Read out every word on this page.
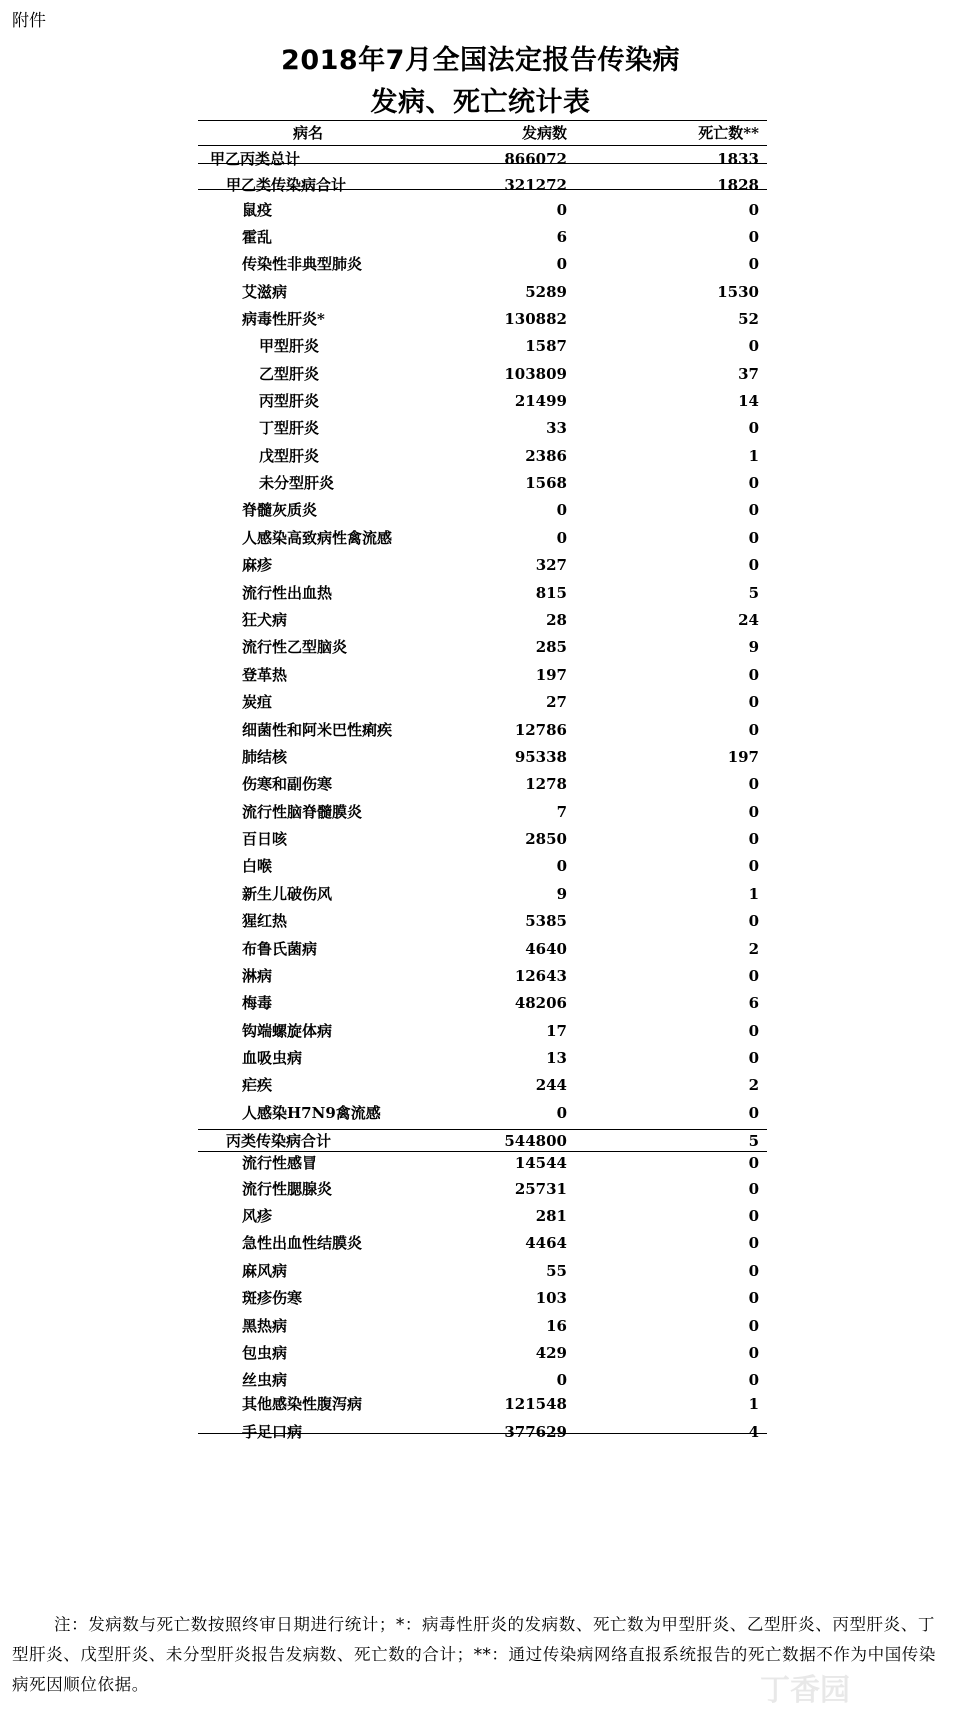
附件
2018年7月全国法定报告传染病
发病、死亡统计表
病名	发病数	死亡数**
甲乙丙类总计	866072	1833
甲乙类传染病合计	321272	1828
鼠疫	0	0
霍乱	6	0
传染性非典型肺炎	0	0
艾滋病	5289	1530
病毒性肝炎*	130882	52
甲型肝炎	1587	0
乙型肝炎	103809	37
丙型肝炎	21499	14
丁型肝炎	33	0
戊型肝炎	2386	1
未分型肝炎	1568	0
脊髓灰质炎	0	0
人感染高致病性禽流感	0	0
麻疹	327	0
流行性出血热	815	5
狂犬病	28	24
流行性乙型脑炎	285	9
登革热	197	0
炭疽	27	0
细菌性和阿米巴性痢疾	12786	0
肺结核	95338	197
伤寒和副伤寒	1278	0
流行性脑脊髓膜炎	7	0
百日咳	2850	0
白喉	0	0
新生儿破伤风	9	1
猩红热	5385	0
布鲁氏菌病	4640	2
淋病	12643	0
梅毒	48206	6
钩端螺旋体病	17	0
血吸虫病	13	0
疟疾	244	2
人感染H7N9禽流感	0	0
丙类传染病合计	544800	5
流行性感冒	14544	0
流行性腮腺炎	25731	0
风疹	281	0
急性出血性结膜炎	4464	0
麻风病	55	0
斑疹伤寒	103	0
黑热病	16	0
包虫病	429	0
丝虫病	0	0
其他感染性腹泻病	121548	1
手足口病	377629	4
注：发病数与死亡数按照终审日期进行统计；*：病毒性肝炎的发病数、死亡数为甲型肝炎、乙型肝炎、丙型肝炎、丁型肝炎、戊型肝炎、未分型肝炎报告发病数、死亡数的合计；**：通过传染病网络直报系统报告的死亡数据不作为中国传染病死因顺位依据。	丁香园
